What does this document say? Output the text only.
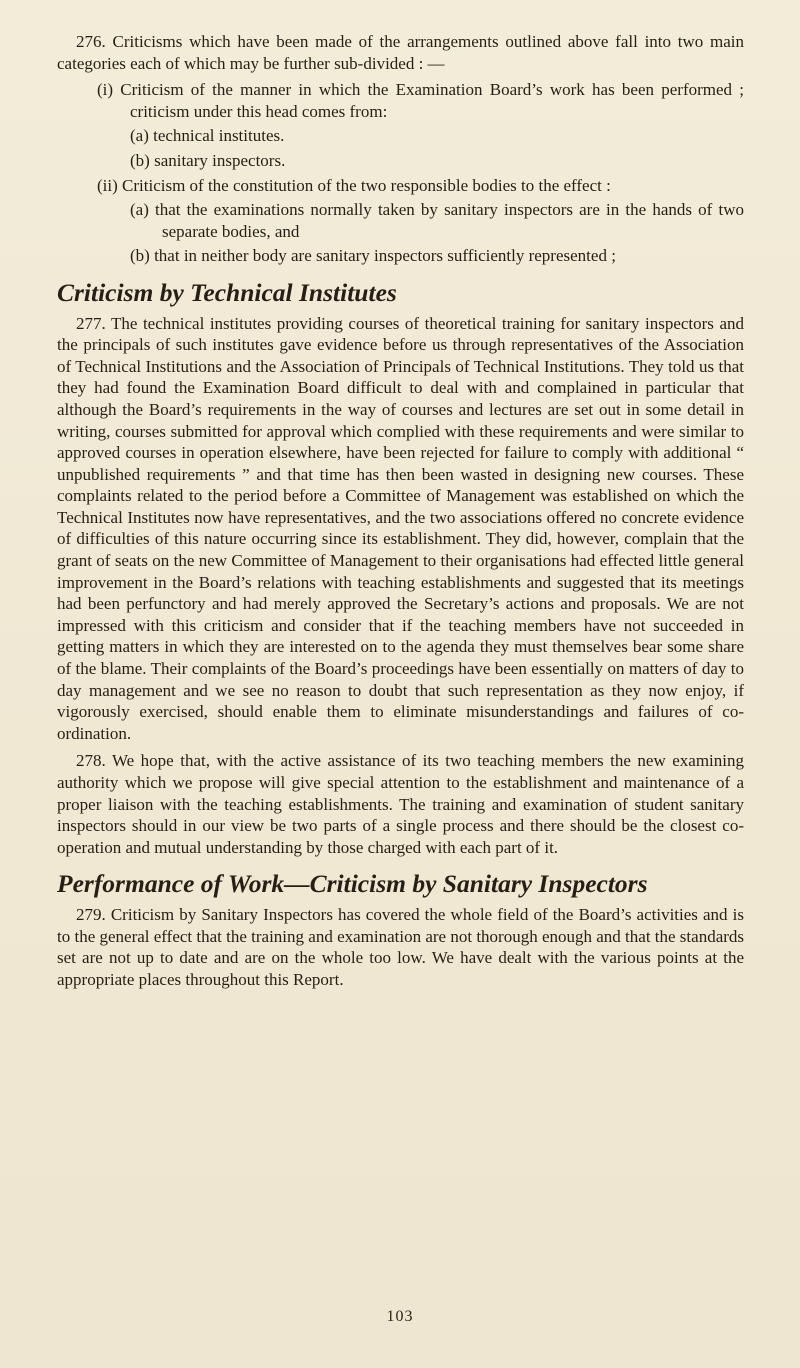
276. Criticisms which have been made of the arrangements outlined above fall into two main categories each of which may be further sub-divided : —

(i) Criticism of the manner in which the Examination Board’s work has been performed ; criticism under this head comes from:

(a) technical institutes.

(b) sanitary inspectors.

(ii) Criticism of the constitution of the two responsible bodies to the effect :

(a) that the examinations normally taken by sanitary inspectors are in the hands of two separate bodies, and

(b) that in neither body are sanitary inspectors sufficiently represented ;

Criticism by Technical Institutes

277. The technical institutes providing courses of theoretical training for sanitary inspectors and the principals of such institutes gave evidence before us through representatives of the Association of Technical Institutions and the Association of Principals of Technical Institutions. They told us that they had found the Examination Board difficult to deal with and complained in particular that although the Board’s requirements in the way of courses and lectures are set out in some detail in writing, courses submitted for approval which complied with these requirements and were similar to approved courses in operation elsewhere, have been rejected for failure to comply with additional “ unpublished requirements ” and that time has then been wasted in designing new courses. These complaints related to the period before a Committee of Management was established on which the Technical Institutes now have representatives, and the two associations offered no concrete evidence of difficulties of this nature occurring since its establishment. They did, however, complain that the grant of seats on the new Committee of Management to their organisations had effected little general improvement in the Board’s relations with teaching establishments and suggested that its meetings had been perfunctory and had merely approved the Secretary’s actions and proposals. We are not impressed with this criticism and consider that if the teaching members have not succeeded in getting matters in which they are interested on to the agenda they must themselves bear some share of the blame. Their complaints of the Board’s proceedings have been essentially on matters of day to day management and we see no reason to doubt that such representation as they now enjoy, if vigorously exercised, should enable them to eliminate misunderstandings and failures of co-ordination.

278. We hope that, with the active assistance of its two teaching members the new examining authority which we propose will give special attention to the establishment and maintenance of a proper liaison with the teaching establishments. The training and examination of student sanitary inspectors should in our view be two parts of a single process and there should be the closest co-operation and mutual understanding by those charged with each part of it.

Performance of Work—Criticism by Sanitary Inspectors

279. Criticism by Sanitary Inspectors has covered the whole field of the Board’s activities and is to the general effect that the training and examination are not thorough enough and that the standards set are not up to date and are on the whole too low. We have dealt with the various points at the appropriate places throughout this Report.

103
